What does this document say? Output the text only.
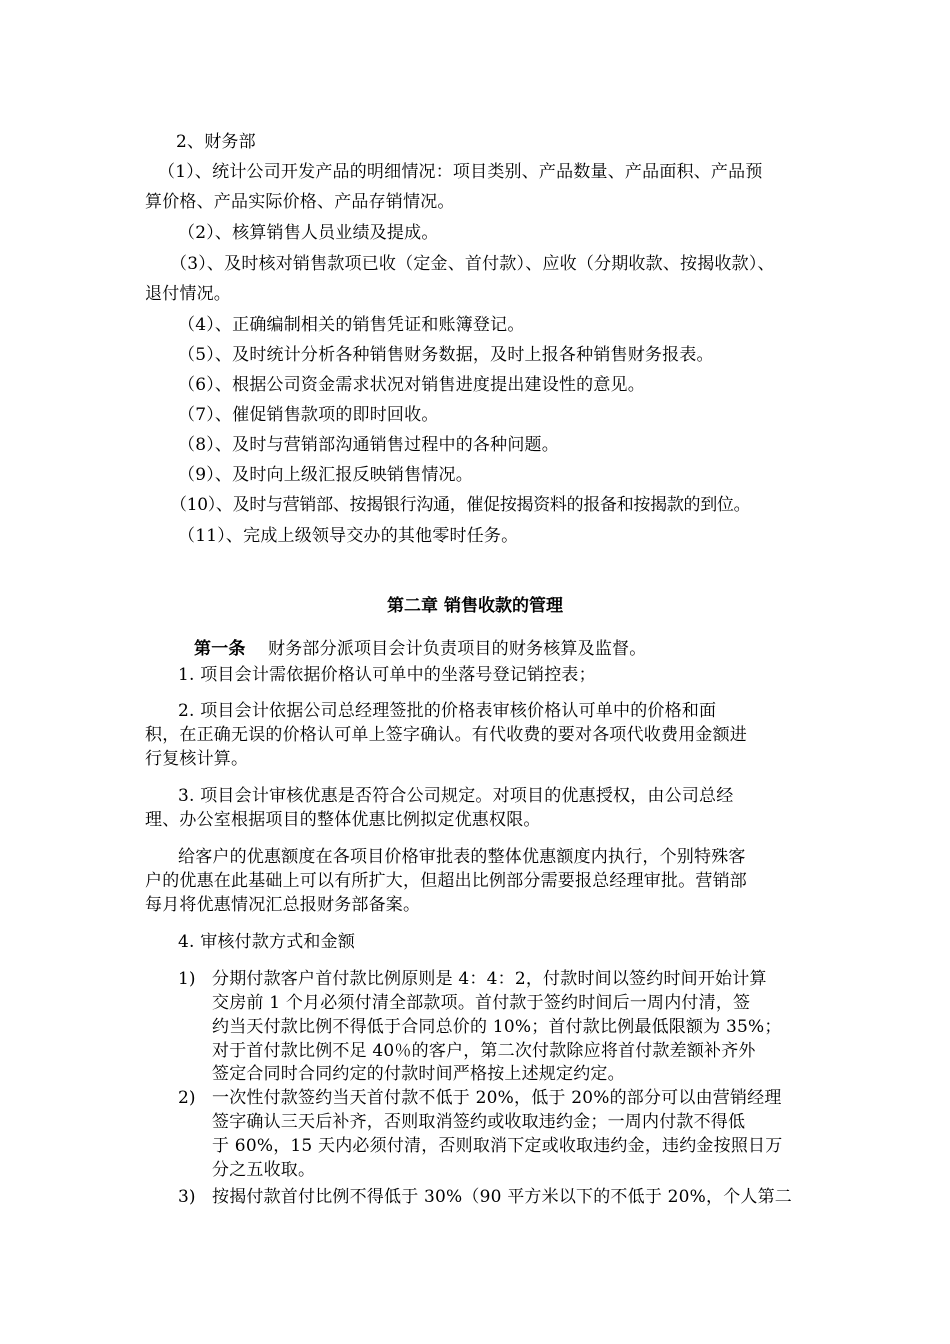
2、财务部
（1）、统计公司开发产品的明细情况：项目类别、产品数量、产品面积、产品预
算价格、产品实际价格、产品存销情况。
（2）、核算销售人员业绩及提成。
（3）、及时核对销售款项已收（定金、首付款）、应收（分期收款、按揭收款）、
退付情况。
（4）、正确编制相关的销售凭证和账簿登记。
（5）、及时统计分析各种销售财务数据，及时上报各种销售财务报表。
（6）、根据公司资金需求状况对销售进度提出建设性的意见。
（7）、催促销售款项的即时回收。
（8）、及时与营销部沟通销售过程中的各种问题。
（9）、及时向上级汇报反映销售情况。
（10）、及时与营销部、按揭银行沟通，催促按揭资料的报备和按揭款的到位。
（11）、完成上级领导交办的其他零时任务。
第二章 销售收款的管理
第一条 财务部分派项目会计负责项目的财务核算及监督。
1. 项目会计需依据价格认可单中的坐落号登记销控表；
2. 项目会计依据公司总经理签批的价格表审核价格认可单中的价格和面
积，在正确无误的价格认可单上签字确认。有代收费的要对各项代收费用金额进
行复核计算。
3. 项目会计审核优惠是否符合公司规定。对项目的优惠授权，由公司总经
理、办公室根据项目的整体优惠比例拟定优惠权限。
给客户的优惠额度在各项目价格审批表的整体优惠额度内执行，个别特殊客
户的优惠在此基础上可以有所扩大，但超出比例部分需要报总经理审批。营销部
每月将优惠情况汇总报财务部备案。
4. 审核付款方式和金额
1) 分期付款客户首付款比例原则是 4：4：2，付款时间以签约时间开始计算
交房前 1 个月必须付清全部款项。首付款于签约时间后一周内付清，签
约当天付款比例不得低于合同总价的 10%；首付款比例最低限额为 35%；
对于首付款比例不足 40％的客户，第二次付款除应将首付款差额补齐外
签定合同时合同约定的付款时间严格按上述规定约定。
2) 一次性付款签约当天首付款不低于 20%，低于 20%的部分可以由营销经理
签字确认三天后补齐，否则取消签约或收取违约金；一周内付款不得低
于 60%，15 天内必须付清，否则取消下定或收取违约金，违约金按照日万
分之五收取。
3) 按揭付款首付比例不得低于 30%（90 平方米以下的不低于 20%，个人第二
